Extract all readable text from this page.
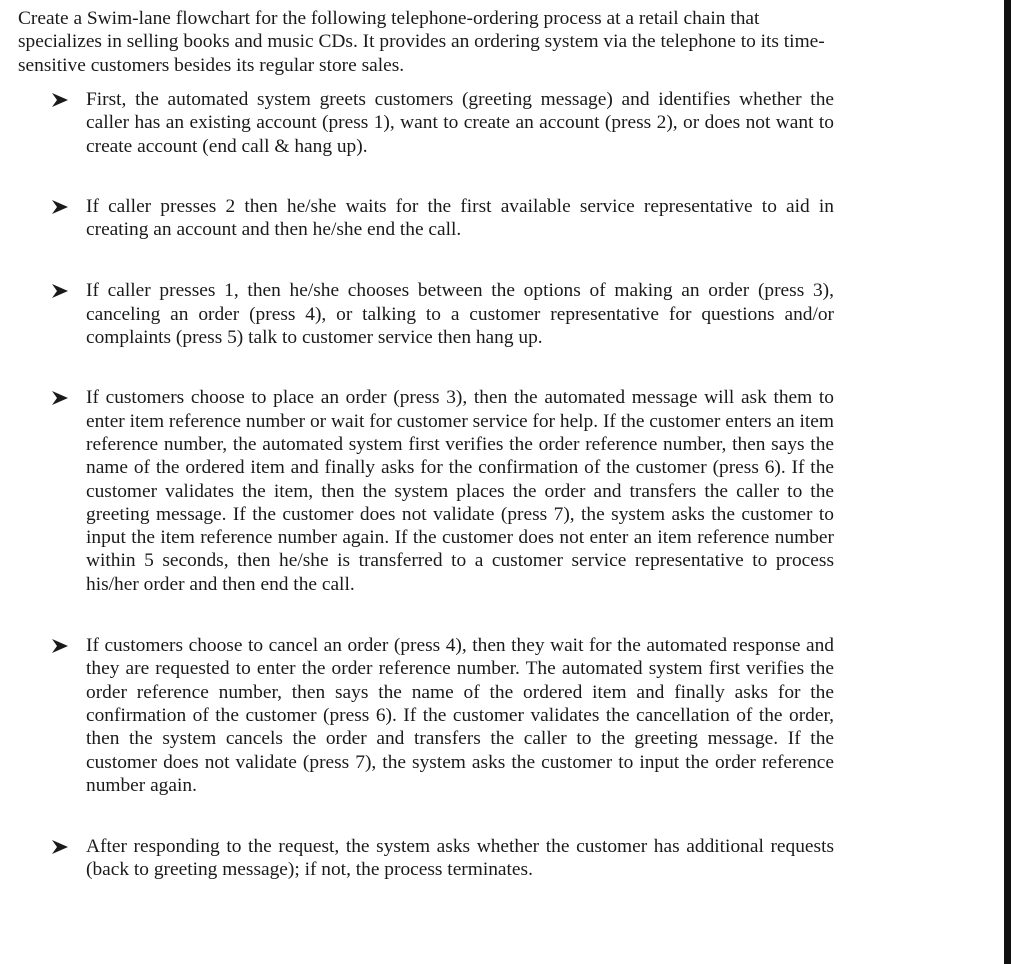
Create a Swim-lane flowchart for the following telephone-ordering process at a retail chain that specializes in selling books and music CDs. It provides an ordering system via the telephone to its time-sensitive customers besides its regular store sales.

First, the automated system greets customers (greeting message) and identifies whether the caller has an existing account (press 1), want to create an account (press 2), or does not want to create account (end call & hang up).
If caller presses 2 then he/she waits for the first available service representative to aid in creating an account and then he/she end the call.
If caller presses 1, then he/she chooses between the options of making an order (press 3), canceling an order (press 4), or talking to a customer representative for questions and/or complaints (press 5) talk to customer service then hang up.
If customers choose to place an order (press 3), then the automated message will ask them to enter item reference number or wait for customer service for help. If the customer enters an item reference number, the automated system first verifies the order reference number, then says the name of the ordered item and finally asks for the confirmation of the customer (press 6). If the customer validates the item, then the system places the order and transfers the caller to the greeting message. If the customer does not validate (press 7), the system asks the customer to input the item reference number again. If the customer does not enter an item reference number within 5 seconds, then he/she is transferred to a customer service representative to process his/her order and then end the call.
If customers choose to cancel an order (press 4), then they wait for the automated response and they are requested to enter the order reference number. The automated system first verifies the order reference number, then says the name of the ordered item and finally asks for the confirmation of the customer (press 6). If the customer validates the cancellation of the order, then the system cancels the order and transfers the caller to the greeting message. If the customer does not validate (press 7), the system asks the customer to input the order reference number again.
After responding to the request, the system asks whether the customer has additional requests (back to greeting message); if not, the process terminates.
